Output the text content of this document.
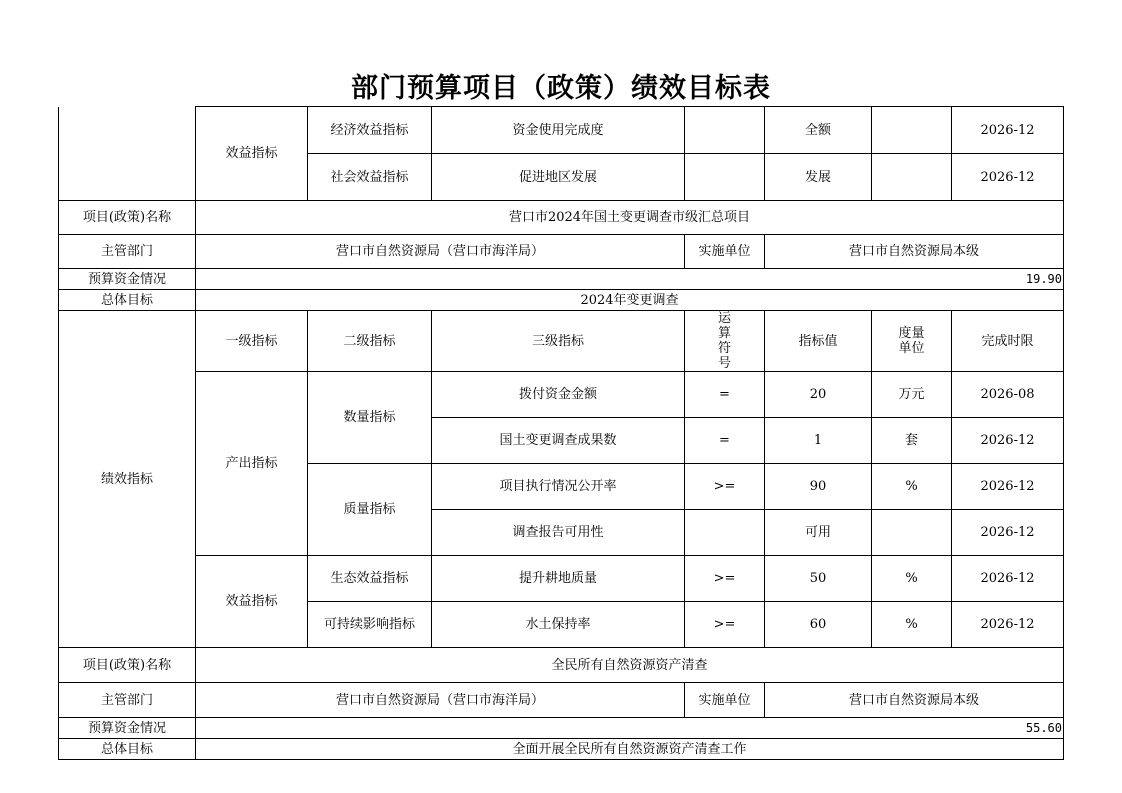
部门预算项目（政策）绩效目标表
	效益指标	经济效益指标	资金使用完成度		全额		2026-12
		社会效益指标	促进地区发展		发展		2026-12
项目(政策)名称	营口市2024年国土变更调查市级汇总项目						
主管部门	营口市自然资源局（营口市海洋局）			实施单位	营口市自然资源局本级		
预算资金情况	19.90						
总体目标	2024年变更调查						
绩效指标	一级指标	二级指标	三级指标	运算符号	指标值	度量单位	完成时限
	产出指标	数量指标	拨付资金金额	=	20	万元	2026-08
			国土变更调查成果数	=	1	套	2026-12
		质量指标	项目执行情况公开率	>=	90	%	2026-12
			调查报告可用性		可用		2026-12
	效益指标	生态效益指标	提升耕地质量	>=	50	%	2026-12
		可持续影响指标	水土保持率	>=	60	%	2026-12
项目(政策)名称	全民所有自然资源资产清查						
主管部门	营口市自然资源局（营口市海洋局）			实施单位	营口市自然资源局本级		
预算资金情况	55.60						
总体目标	全面开展全民所有自然资源资产清查工作						
